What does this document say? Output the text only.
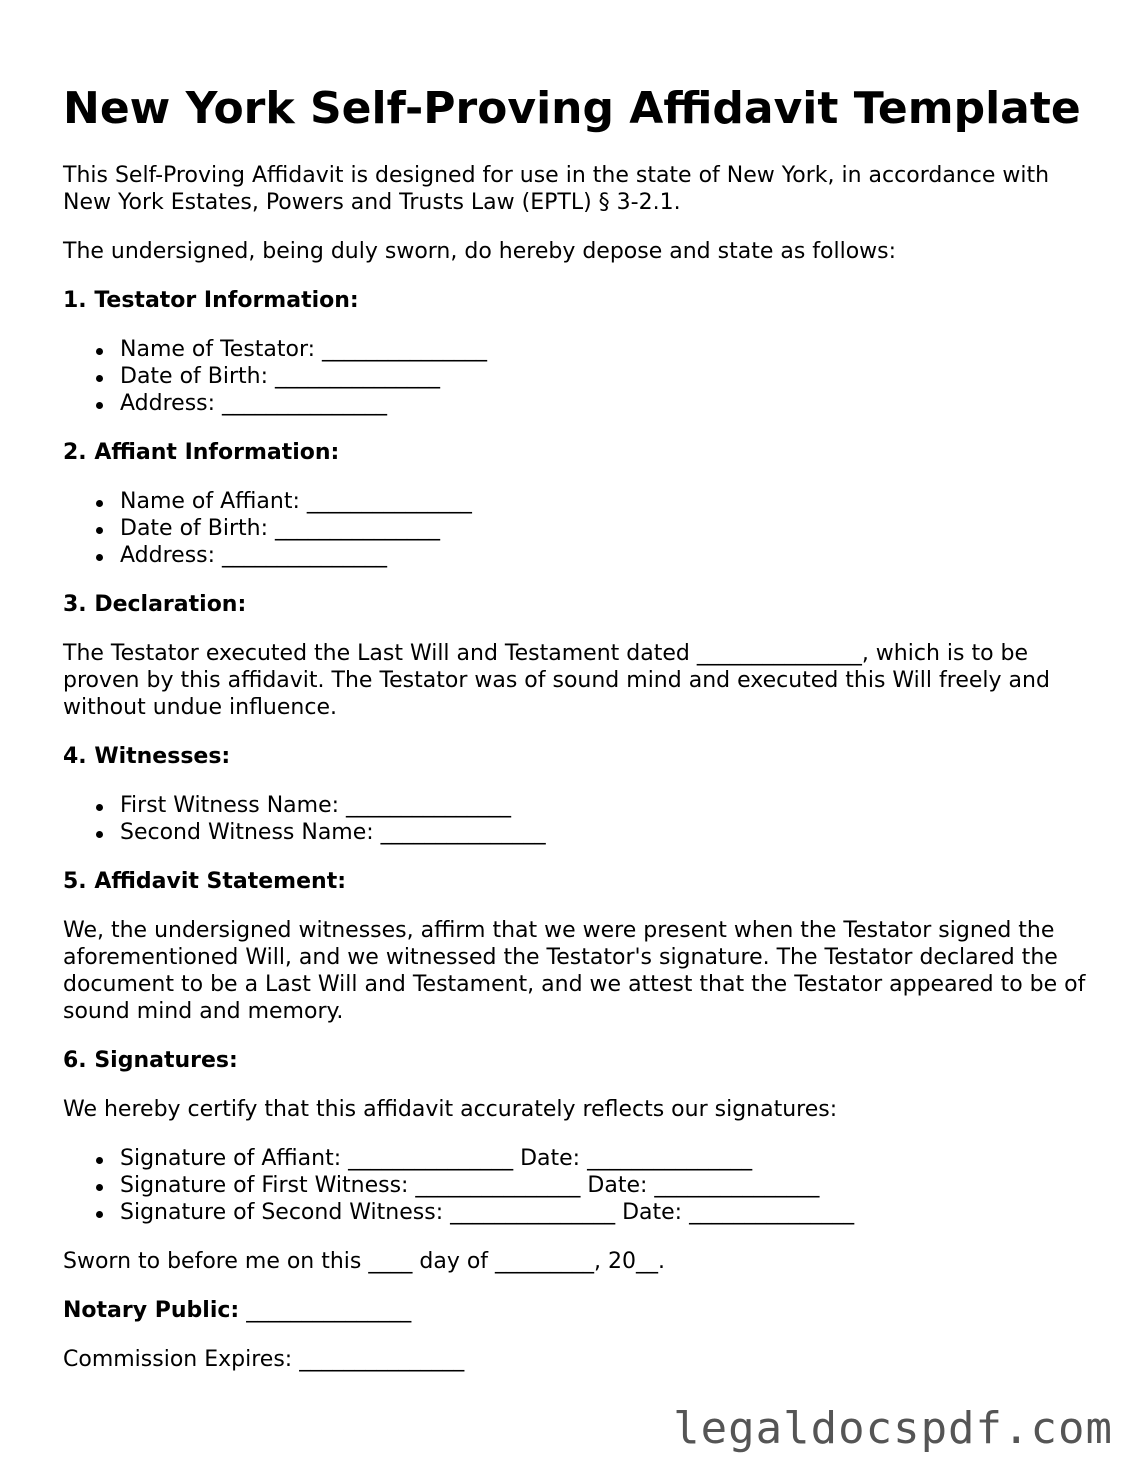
New York Self-Proving Affidavit Template

This Self-Proving Affidavit is designed for use in the state of New York, in accordance with New York Estates, Powers and Trusts Law (EPTL) § 3-2.1.

The undersigned, being duly sworn, do hereby depose and state as follows:

1. Testator Information:
Name of Testator: _______________
Date of Birth: _______________
Address: _______________
2. Affiant Information:
Name of Affiant: _______________
Date of Birth: _______________
Address: _______________
3. Declaration:

The Testator executed the Last Will and Testament dated _______________, which is to be proven by this affidavit. The Testator was of sound mind and executed this Will freely and without undue influence.

4. Witnesses:
First Witness Name: _______________
Second Witness Name: _______________
5. Affidavit Statement:

We, the undersigned witnesses, affirm that we were present when the Testator signed the aforementioned Will, and we witnessed the Testator's signature. The Testator declared the document to be a Last Will and Testament, and we attest that the Testator appeared to be of sound mind and memory.

6. Signatures:

We hereby certify that this affidavit accurately reflects our signatures:

Signature of Affiant: _______________ Date: _______________
Signature of First Witness: _______________ Date: _______________
Signature of Second Witness: _______________ Date: _______________

Sworn to before me on this ____ day of _________, 20__.

Notary Public: _______________

Commission Expires: _______________

legaldocspdf.com
